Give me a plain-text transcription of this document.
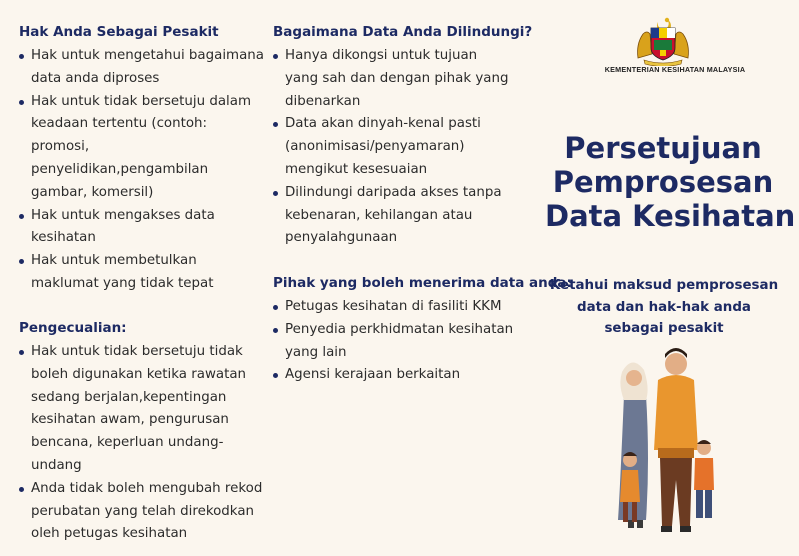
Hak Anda Sebagai Pesakit
Hak untuk mengetahui bagaimana data anda diproses
Hak untuk tidak bersetuju dalam keadaan tertentu (contoh: promosi, penyelidikan,pengambilan gambar, komersil)
Hak untuk mengakses data kesihatan
Hak untuk membetulkan maklumat yang tidak tepat
Pengecualian:
Hak untuk tidak bersetuju tidak boleh digunakan ketika rawatan sedang berjalan,kepentingan kesihatan awam, pengurusan bencana, keperluan undang-undang
Anda tidak boleh mengubah rekod perubatan yang telah direkodkan oleh petugas kesihatan
Bagaimana Data Anda Dilindungi?
Hanya dikongsi untuk tujuan yang sah dan dengan pihak yang dibenarkan
Data akan dinyah-kenal pasti (anonimisasi/penyamaran) mengikut kesesuaian
Dilindungi daripada akses tanpa kebenaran, kehilangan atau penyalahgunaan
Pihak yang boleh menerima data anda:
Petugas kesihatan di fasiliti KKM
Penyedia perkhidmatan kesihatan yang lain
Agensi kerajaan berkaitan
KEMENTERIAN KESIHATAN MALAYSIA
Persetujuan
Pemprosesan
Data Kesihatan
Ketahui maksud pemprosesan
data dan hak-hak anda
sebagai pesakit
